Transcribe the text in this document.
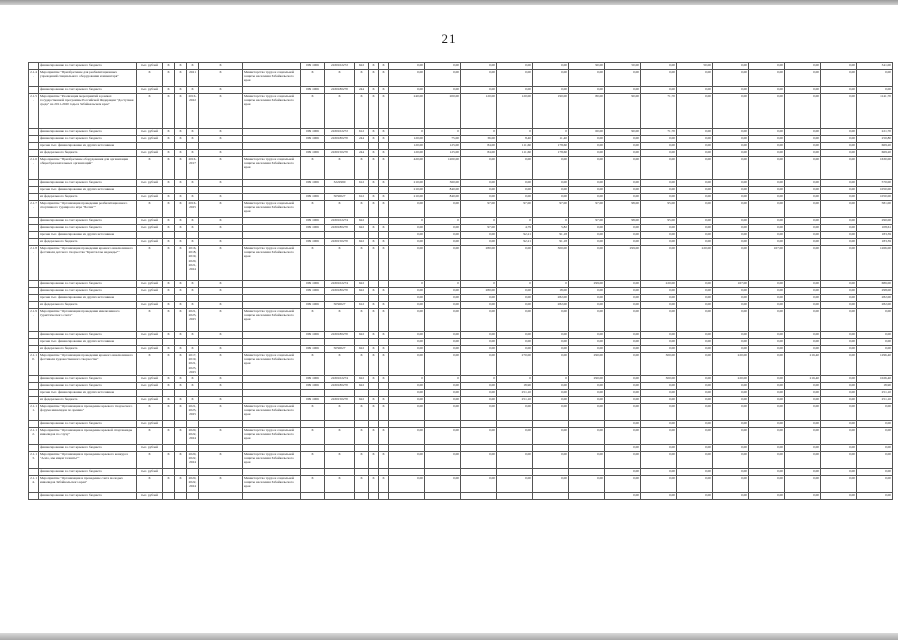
21
	финансирование за счет краевого бюджета	тыс. рублей	X	X	X	X		009 1006	2430102272	622	X	X	0,00	0,00	0,00	0,00	0,00	90,00	50,00	0,00	50,00	0,00	0,00	0,00	0,00	341,00
2.1.4.	Мероприятие "Приобретение для реабилитационных учреждений специального оборудования и инвентаря"	X	X	X	2021	X	Министерство труда и социальной защиты населения Забайкальского края	X	X	X	X	X	0,00	0,00	0,00	0,00	0,00	0,00	0,00	0,00	0,00	0,00	0,00	0,00	0,00	0,00
	финансирование за счет краевого бюджета	тыс. рублей	X	X	X	X		009 1006	2430180270	244	X	X	0,00	0,00	0,00	0,00	0,00	0,00	0,00	0,00	0,00	0,00	0,00	0,00	0,00	0,00
2.1.5.	Мероприятие "Реализация мероприятий в рамках государственной программы Российской Федерации "Доступная среда" на 2011-2020 годы в Забайкальском крае"	X	X	X	2016-2022	X	Министерство труда и социальной защиты населения Забайкальского края	X	X	X	X	X	240,00	200,00	120,00	120,00	190,00	80,00	90,00	71,70	0,00	0,00	0,00	0,00	0,00	1141,70
	финансирование за счет краевого бюджета	тыс. рублей	X	X	X	X		009 1006	2430102272	612	X	X	0	0	0	0	0	60,00	90,00	71,70	0,00	0,00	0,00	0,00	0,00	221,70
	финансирование за счет краевого бюджета	тыс. рублей	X	X	X	X		009 1006	2430180270	244	X	X	120,00	75,00	36,00	8,40	11,40	0,00	0,00	0,00	0,00	0,00	0,00	0,00	0,00	250,80
	прочие тыс. финансирование из других источников												120,00	125,00	84,00	111,60	178,60	0,00	0,00	0,00	0,00	0,00	0,00	0,00	0,00	669,20
	из федерального бюджета	тыс. рублей	X	X	X	X		009 1006	2430150270	244	X	X	120,00	125,00	84,00	111,60	178,60	0,00	0,00	0,00	0,00	0,00	0,00	0,00	0,00	669,20
2.1.6.	Мероприятие "Приобретение оборудования для организации общеобразовательных организаций"	X	X	X	2016-2017	X	Министерство труда и социальной защиты населения Забайкальского края	X	X	X	X	X	420,00	1200,00	0,00	0,00	0,00	0,00	0,00	0,00	0,00	0,00	0,00	0,00	0,00	1630,00
	финансирование за счет краевого бюджета	тыс. рублей	X	X	X	X		009 1006	3222990	612	X	X	210,00	360,00	0,00	0,00	0,00	0,00	0,00	0,00	0,00	0,00	0,00	0,00	0,00	570,00
	прочие тыс. финансирование из других источников												210,00	840,00	0,00	0,00	0,00	0,00	0,00	0,00	0,00	0,00	0,00	0,00	0,00	1050,00
	из федерального бюджета	тыс. рублей	X	X	X	X		009 1006	5050027	612	X	X	210,00	840,00	0,00	0,00	0,00	0,00	0,00	0,00	0,00	0,00	0,00	0,00	0,00	1050,00
2.1.7.	Мероприятие "Организация проведения реабилитационного спортивного турнира по игре "Боччи""	X	X	X	2016-2025	X	Министерство труда и социальной защиты населения Забайкальского края	X	X	X	X	X	0,00	0,00	97,00	97,00	97,00	97,00	98,00	95,00	0,00	0,00	0,00	0,00	0,00	581,00
	финансирование за счет краевого бюджета	тыс. рублей	X	X	X	X		009 1006	2430102274	622			0	0	0	0	0	97,00	98,00	95,00	0,00	0,00	0,00	0,00	0,00	290,00
	финансирование за счет краевого бюджета	тыс. рублей	X	X	X	X		009 1006	2430180270	622	X	X	0,00	0,00	97,00	4,79	5,82	0,00	0,00	0,00	0,00	0,00	0,00	0,00	0,00	108,61
	прочие тыс. финансирование из других источников												0,00	0,00	0,00	92,21	91,18	0,00	0,00	0,00	0,00	0,00	0,00	0,00	0,00	183,39
	из федерального бюджета	тыс. рублей	X	X	X	X		009 1006	2430150270	622	X	X	0,00	0,00	0,00	92,21	91,18	0,00	0,00	0,00	0,00	0,00	0,00	0,00	0,00	183,39
2.1.8.	Мероприятие "Организация проведения краевого инклюзивного фестиваля детского творчества "Кристаллы надежды""	X	X	X	2016, 2018, 2019, 2020, 2021, 2024	X	Министерство труда и социальной защиты населения Забайкальского края	X	X	X	X	X	0,00	0,00	280,00	0,00	300,00	0,00	299,00	0,00	220,00	0,00	167,00	0,00	0,00	1266,00
	финансирование за счет краевого бюджета	тыс. рублей	X	X	X	X		009 1006	2430102274	622			0	0	0	0	0	299,00	0,00	220,00	0,00	167,00	0,00	0,00	0,00	686,00
	финансирование за счет краевого бюджета	тыс. рублей	X	X	X	X		009 1006	2430180270	622	X	X	0,00	0,00	280,00	0,00	18,00	0,00	0,00	0,00	0,00	0,00	0,00	0,00	0,00	298,00
	прочие тыс. финансирование из других источников												0,00	0,00	0,00	0,00	282,00	0,00	0,00	0,00	0,00	0,00	0,00	0,00	0,00	282,00
	из федерального бюджета	тыс. рублей	X	X	X	X		009 1006	5050027	612	X	X	0,00	0,00	0,00	0,00	282,00	0,00	0,00	0,00	0,00	0,00	0,00	0,00	0,00	282,00
2.1.9.	Мероприятие "Организация проведения инклюзивного туристического слета"	X	X	X	2021, 2023, 2025	X	Министерство труда и социальной защиты населения Забайкальского края	X	X	X	X	X	0,00	0,00	0,00	0,00	0,00	0,00	0,00	0,00	0,00	0,00	0,00	0,00	0,00	0,00
	финансирование за счет краевого бюджета	тыс. рублей	X	X	X	X		009 1006	2430180270	622	X	X	0,00	0,00	0,00	0,00	0,00	0,00	0,00	0,00	0,00	0,00	0,00	0,00	0,00	0,00
	прочие тыс. финансирование из других источников												0,00	0,00	0,00	0,00	0,00	0,00	0,00	0,00	0,00	0,00	0,00	0,00	0,00	0,00
	из федерального бюджета	тыс. рублей	X	X	X	X		009 1006	5050027	622	X	X	0,00	0,00	0,00	0,00	0,00	0,00	0,00	0,00	0,00	0,00	0,00	0,00	0,00	0,00
2.1.10.	Мероприятие "Организация проведения краевого инклюзивного фестиваля художественного творчества"	X	X	X	2017, 2019, 2021, 2023, 2025	X	Министерство труда и социальной защиты населения Забайкальского края	X	X	X	X	X	0,00	0,00	0,00	270,00	0,00	290,00	0,00	300,00	0,00	220,00	0,00	216,40	0,00	1296,40
	финансирование за счет краевого бюджета	тыс. рублей	X	X	X	X		009 1006	2430102274	622	X	X	0	0	0	0	0	290,00	0,00	300,00	0,00	220,00	0,00	216,40	0,00	1026,40
	финансирование за счет краевого бюджета	тыс. рублей	X	X	X	X		009 1006	2430180270	622			0,00	0,00	0,00	18,90	0,00	0,00	0,00	0,00	0,00	0,00	0,00	0,00	0,00	18,90
	прочие тыс. финансирование из других источников												0,00	0,00	0,00	251,10	0,00	0,00	0,00	0,00	0,00	0,00	0,00	0,00	0,00	251,10
	из федерального бюджета	тыс. рублей	X	X	X	X		009 1006	2430150270	622	X	X	0,00	0,00	0,00	251,10	0,00	0,00	0,00	0,00	0,00	0,00	0,00	0,00	0,00	251,10
2.1.11.	Мероприятие "Организация и проведение краевого творческого форума инвалидов по зрению"	X	X	X	2021, 2023, 2025	X	Министерство труда и социальной защиты населения Забайкальского края	X	X	X	X	X	0,00	0,00	0,00	0,00	0,00	0,00	0,00	0,00	0,00	0,00	0,00	0,00	0,00	0,00
	финансирование за счет краевого бюджета	тыс. рублей																	0,00	0,00	0,00	0,00	0,00	0,00	0,00	0,00
2.1.12.	Мероприятие "Организация и проведение краевой спартакиады инвалидов по слуху"	X	X	X	2020, 2022, 2024	X	Министерство труда и социальной защиты населения Забайкальского края	X	X	X	X	X	0,00	0,00	0,00	0,00	0,00	0,00	0,00	0,00	0,00	0,00	0,00	0,00	0,00	0,00
	финансирование за счет краевого бюджета	тыс. рублей																	0,00	0,00	0,00	0,00	0,00	0,00	0,00	0,00
2.1.13.	Мероприятие "Организация и проведение краевого конкурса "Алло, мы ищем таланты""	X	X	X	2020, 2022, 2024	X	Министерство труда и социальной защиты населения Забайкальского края	X	X	X	X	X	0,00	0,00	0,00	0,00	0,00	0,00	0,00	0,00	0,00	0,00	0,00	0,00	0,00	0,00
	финансирование за счет краевого бюджета	тыс. рублей																	0,00	0,00	0,00	0,00	0,00	0,00	0,00	0,00
2.1.14.	Мероприятие "Организация и проведение слета молодых инвалидов Забайкальского края"	X	X	X	2020, 2022, 2024	X	Министерство труда и социальной защиты населения Забайкальского края	X	X	X	X	X	0,00	0,00	0,00	0,00	0,00	0,00	0,00	0,00	0,00	0,00	0,00	0,00	0,00	0,00
	финансирование за счет краевого бюджета	тыс. рублей																	0,00	0,00	0,00	0,00	0,00	0,00	0,00	0,00
